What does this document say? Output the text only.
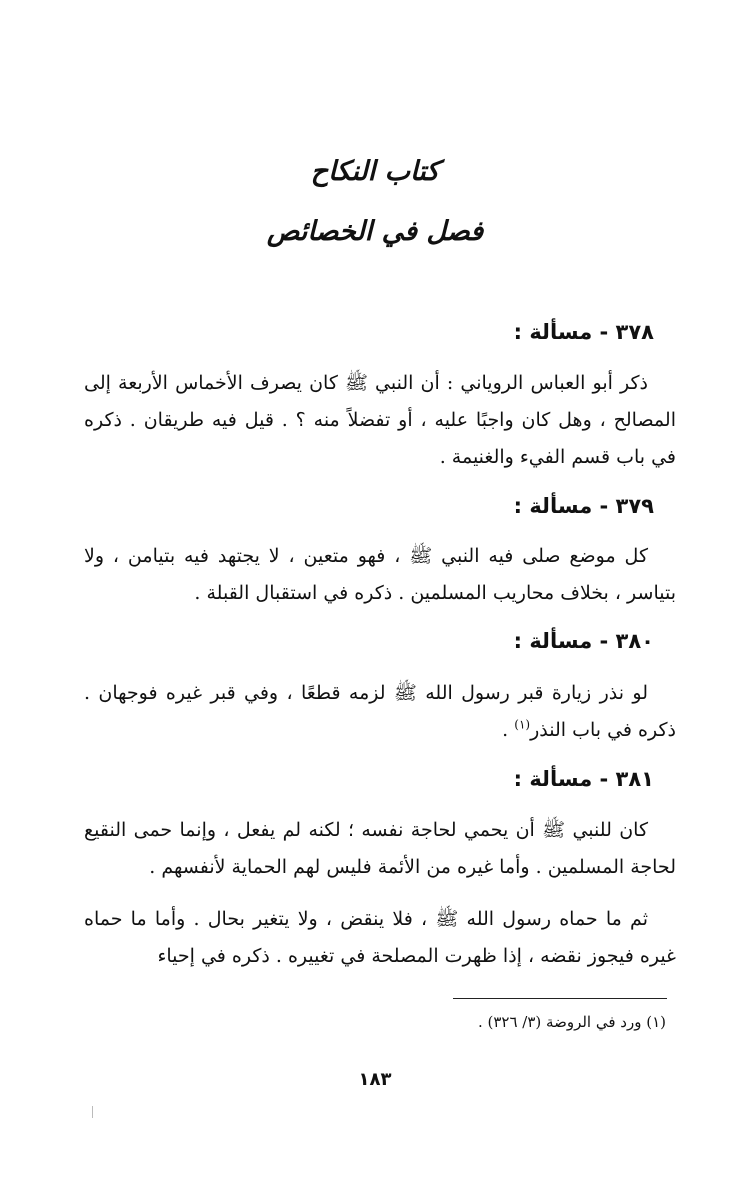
كتاب النكاح
فصل في الخصائص
٣٧٨ - مسألة :

ذكر أبو العباس الروياني : أن النبي ﷺ كان يصرف الأخماس الأربعة إلى المصالح ، وهل كان واجبًا عليه ، أو تفضلاً منه ؟ . قيل فيه طريقان . ذكره في باب قسم الفيء والغنيمة .

٣٧٩ - مسألة :

كل موضع صلى فيه النبي ﷺ ، فهو متعين ، لا يجتهد فيه بتيامن ، ولا بتياسر ، بخلاف محاريب المسلمين . ذكره في استقبال القبلة .

٣٨٠ - مسألة :

لو نذر زيارة قبر رسول الله ﷺ لزمه قطعًا ، وفي قبر غيره فوجهان . ذكره في باب النذر$^{(١)}$ .

٣٨١ - مسألة :

كان للنبي ﷺ أن يحمي لحاجة نفسه ؛ لكنه لم يفعل ، وإنما حمى النقيع لحاجة المسلمين . وأما غيره من الأئمة فليس لهم الحماية لأنفسهم .

ثم ما حماه رسول الله ﷺ ، فلا ينقض ، ولا يتغير بحال . وأما ما حماه غيره فيجوز نقضه ، إذا ظهرت المصلحة في تغييره . ذكره في إحياء

(١) ورد في الروضة (٣/ ٣٢٦) .
١٨٣
